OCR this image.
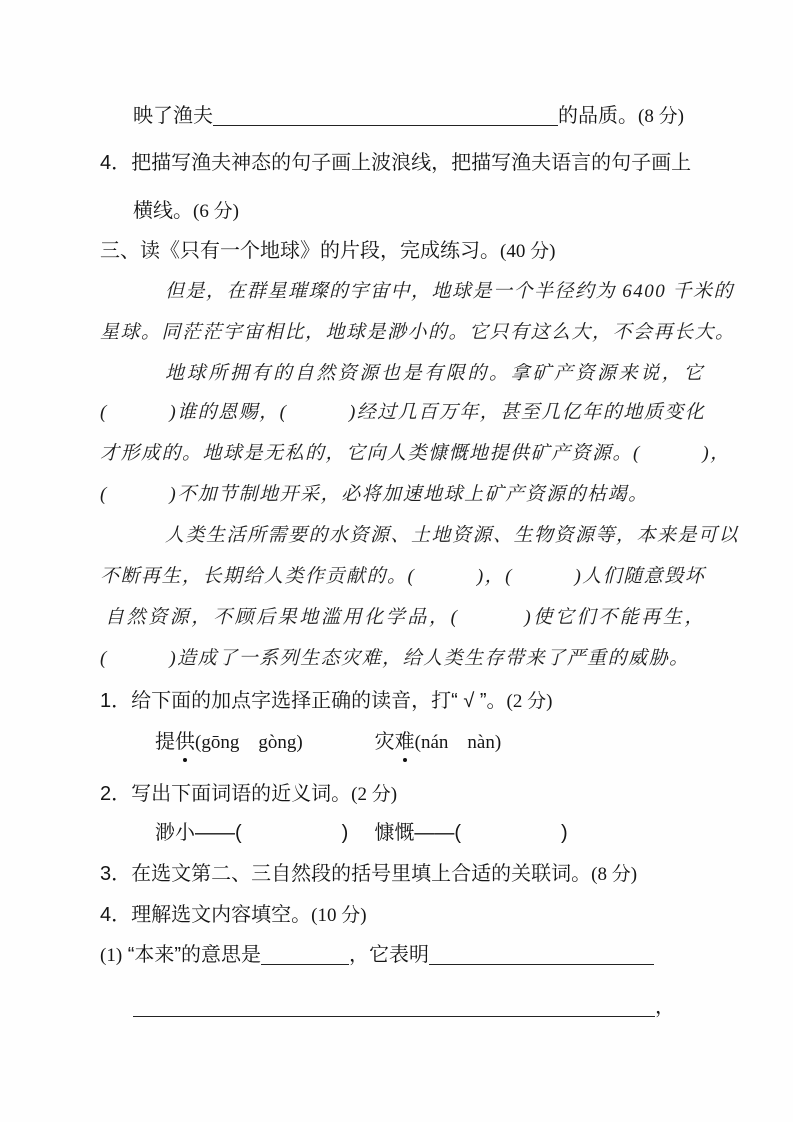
映了渔夫	的品质。(8 分)
4．把描写渔夫神态的句子画上波浪线，把描写渔夫语言的句子画上
横线。(6 分)
三、读《只有一个地球》的片段，完成练习。(40 分)
但是，在群星璀璨的宇宙中，地球是一个半径约为 6400 千米的
星球。同茫茫宇宙相比，地球是渺小的。它只有这么大，不会再长大。
地球所拥有的自然资源也是有限的。拿矿产资源来说，它
(　　　)谁的恩赐，(　　　)经过几百万年，甚至几亿年的地质变化
才形成的。地球是无私的，它向人类慷慨地提供矿产资源。(　　　)，
(　　　)不加节制地开采，必将加速地球上矿产资源的枯竭。
人类生活所需要的水资源、土地资源、生物资源等，本来是可以
不断再生，长期给人类作贡献的。(　　　)，(　　　)人们随意毁坏
自然资源，不顾后果地滥用化学品，(　　　)使它们不能再生，
(　　　)造成了一系列生态灾难，给人类生存带来了严重的威胁。
1．给下面的加点字选择正确的读音，打“ √ ”。(2 分)
提供(gōng　gòng)	灾难(nán　nàn)
2．写出下面词语的近义词。(2 分)
渺小——(　　　　　) 慷慨——(　　　　　)
3．在选文第二、三自然段的括号里填上合适的关联词。(8 分)
4．理解选文内容填空。(10 分)
(1) “本来”的意思是	，它表明
，
